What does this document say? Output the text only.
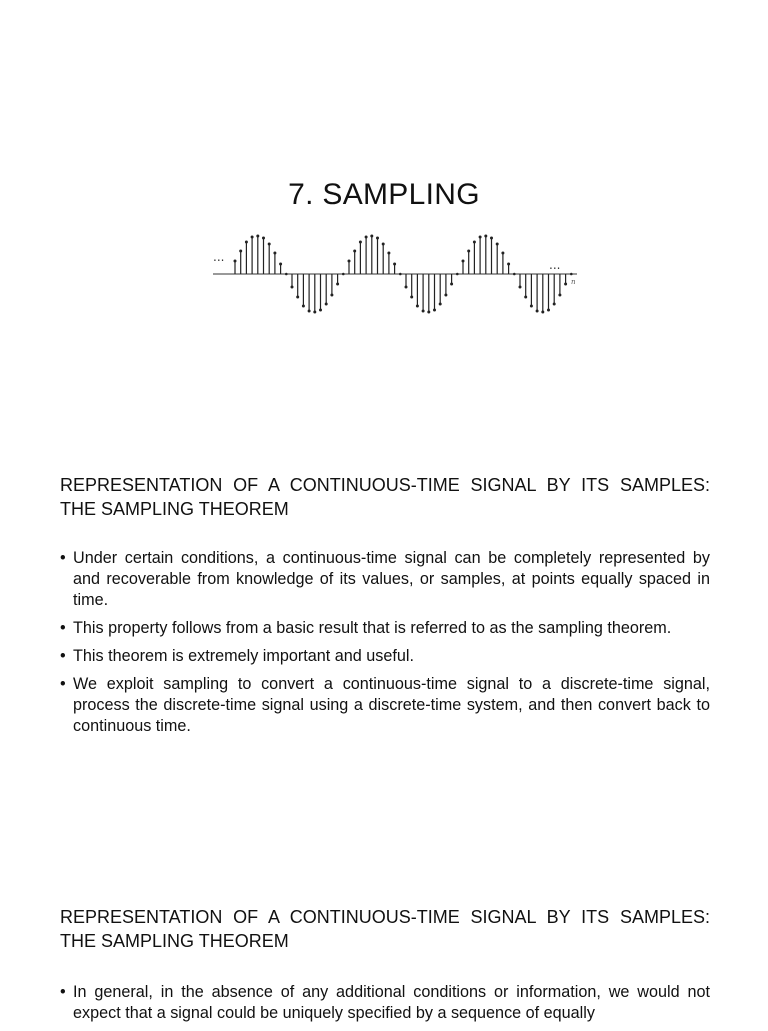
7. SAMPLING
...
...
n
REPRESENTATION OF A CONTINUOUS-TIME SIGNAL BY ITS SAMPLES: THE SAMPLING THEOREM
• Under certain conditions, a continuous-time signal can be completely represented by and recoverable from knowledge of its values, or samples, at points equally spaced in time.
• This property follows from a basic result that is referred to as the sampling theorem.
• This theorem is extremely important and useful.
• We exploit sampling to convert a continuous-time signal to a discrete-time signal, process the discrete-time signal using a discrete-time system, and then convert back to continuous time.
REPRESENTATION OF A CONTINUOUS-TIME SIGNAL BY ITS SAMPLES: THE SAMPLING THEOREM
• In general, in the absence of any additional conditions or information, we would not expect that a signal could be uniquely specified by a sequence of equally
